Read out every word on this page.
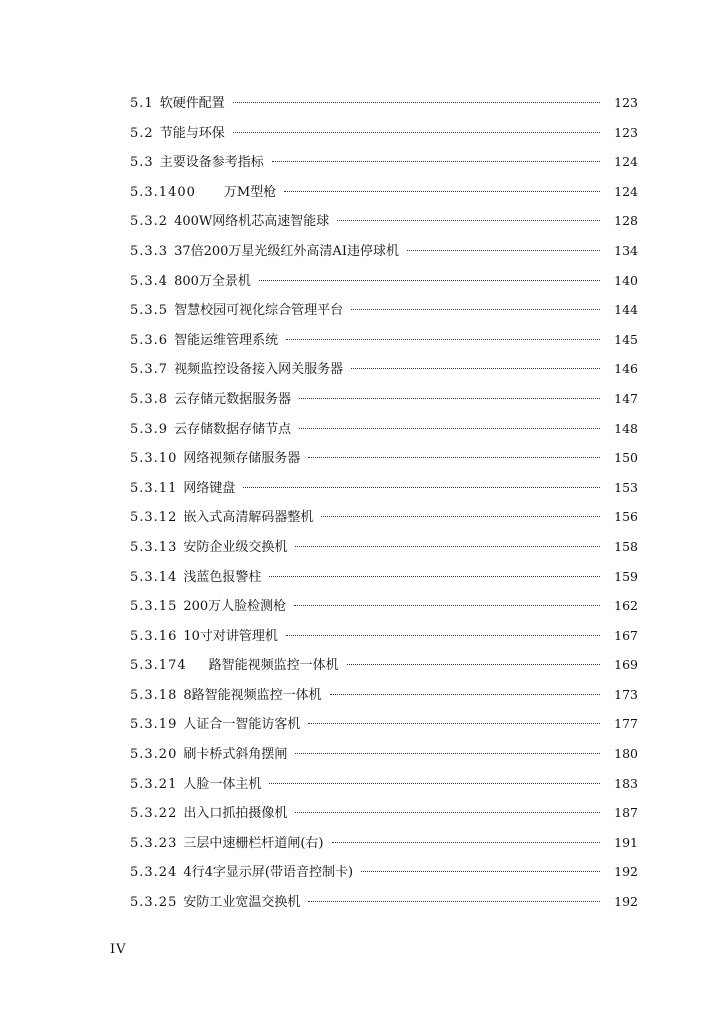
5.1 软硬件配置	123
5.2 节能与环保	123
5.3 主要设备参考指标	124
5.3.1400 万M型枪	124
5.3.2 400W网络机芯高速智能球	128
5.3.3 37倍200万星光级红外高清AI违停球机	134
5.3.4 800万全景机	140
5.3.5 智慧校园可视化综合管理平台	144
5.3.6 智能运维管理系统	145
5.3.7 视频监控设备接入网关服务器	146
5.3.8 云存储元数据服务器	147
5.3.9 云存储数据存储节点	148
5.3.10 网络视频存储服务器	150
5.3.11 网络键盘	153
5.3.12 嵌入式高清解码器整机	156
5.3.13 安防企业级交换机	158
5.3.14 浅蓝色报警柱	159
5.3.15 200万人脸检测枪	162
5.3.16 10寸对讲管理机	167
5.3.174 路智能视频监控一体机	169
5.3.18 8路智能视频监控一体机	173
5.3.19 人证合一智能访客机	177
5.3.20 刷卡桥式斜角摆闸	180
5.3.21 人脸一体主机	183
5.3.22 出入口抓拍摄像机	187
5.3.23 三层中速栅栏杆道闸(右)	191
5.3.24 4行4字显示屏(带语音控制卡)	192
5.3.25 安防工业宽温交换机	192
IV
